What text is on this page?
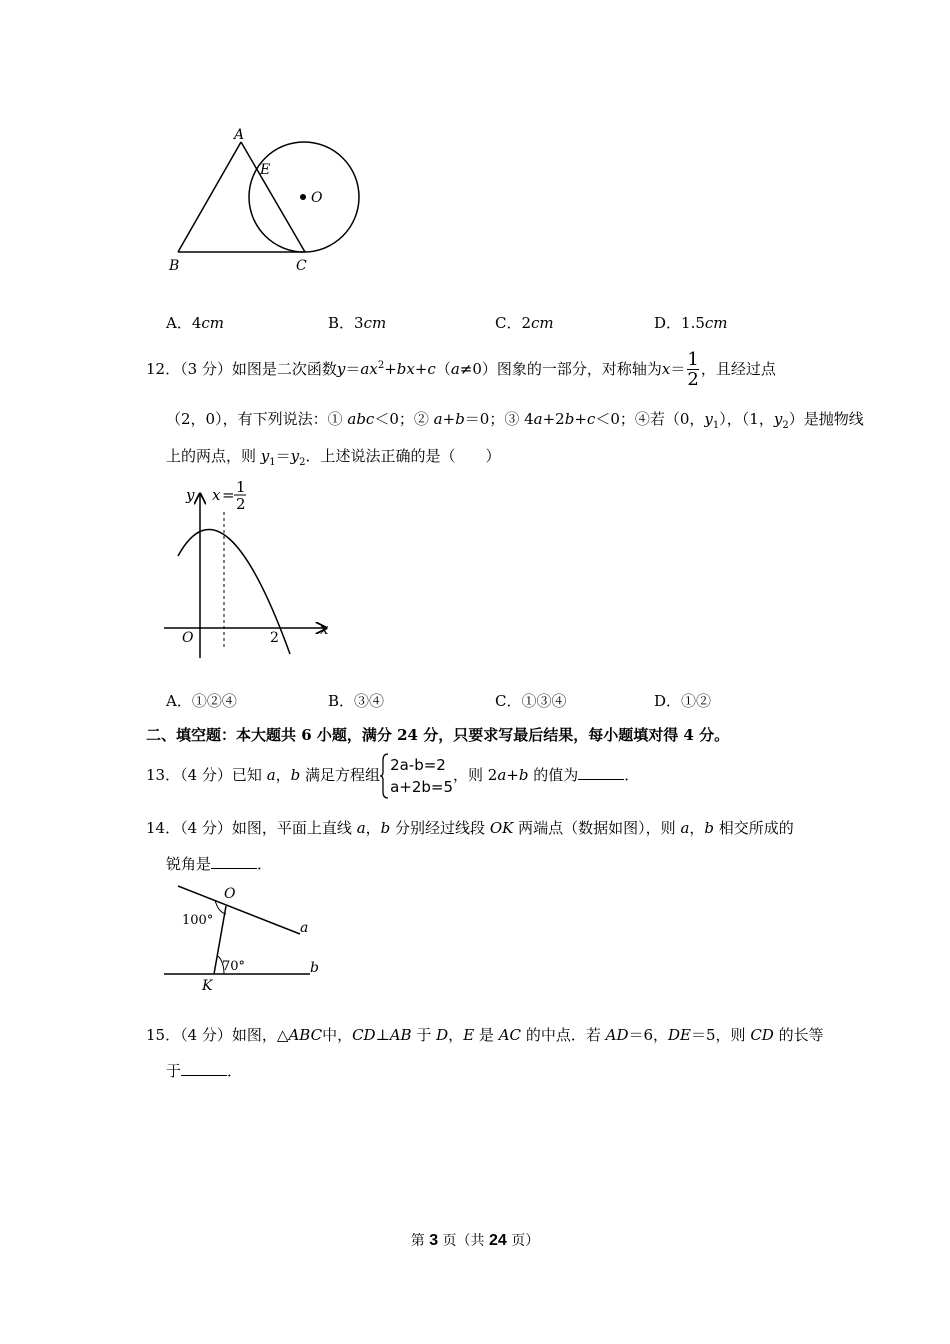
A
B	C
E
O
A．4cm	B．3cm	C．2cm	D．1.5cm
12．（3 分）如图是二次函数$y=ax^2+bx+c(a\ne 0)$图象的一部分，对称轴为$x= \frac{1}{2}$ ，且经过点
（2，0），有下列说法：① abc＜0；② a+b＝0；③ 4a+2b+c＜0；④若（0，$y_1$），（1，$y_2$）是抛物线
上的两点，则 $y_1=y_2$．上述说法正确的是（　　）
y
x
O	2
x = 1
2
A．①②④	B．③④	C．①③④	D．①②
二、填空题：本大题共 6 小题，满分 24 分，只要求写最后结果，每小题填对得 4 分。
13．（4 分）已知 a，b 满足方程组
2a-b=2
a+2b=5
，则 2a+b 的值为	．
14．（4 分）如图，平面上直线 a，b 分别经过线段 OK 两端点（数据如图），则 a，b 相交所成的
锐角是	．
O
K
a
b
100°
70°
15．（4 分）如图，△ABC中，CD⊥AB 于 D，E 是 AC 的中点．若 AD＝6，DE＝5，则 CD 的长等
于	．
第 3 页（共 24 页）
